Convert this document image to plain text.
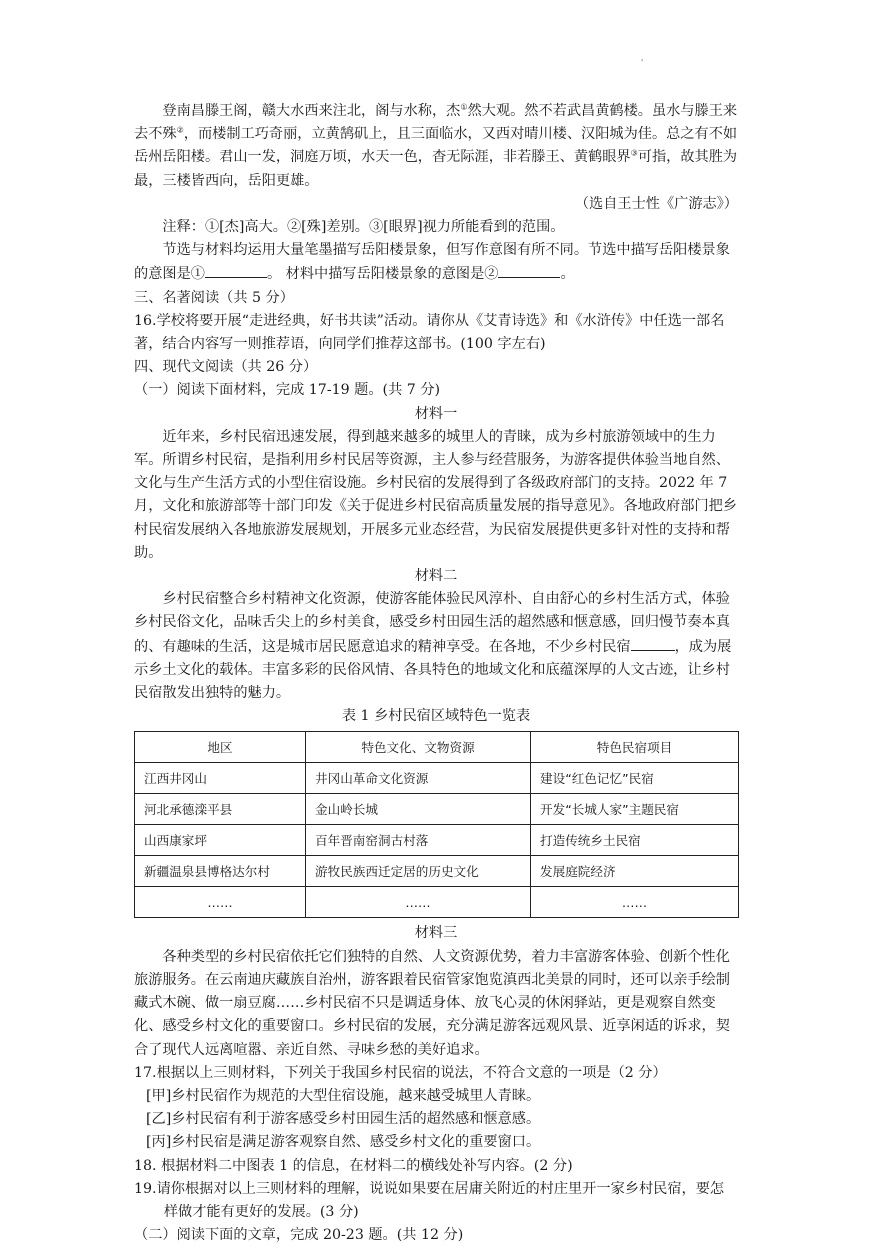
'

登南昌滕王阁，赣大水西来注北，阁与水称，杰①然大观。然不若武昌黄鹤楼。虽水与滕王来去不殊②，而楼制工巧奇丽，立黄鹄矶上，且三面临水，又西对晴川楼、汉阳城为佳。总之有不如岳州岳阳楼。君山一发，洞庭万顷，水天一色，杳无际涯，非若滕王、黄鹤眼界③可指，故其胜为最，三楼皆西向，岳阳更雄。

（选自王士性《广游志》）

注释：①[杰]高大。②[殊]差别。③[眼界]视力所能看到的范围。

节选与材料均运用大量笔墨描写岳阳楼景象，但写作意图有所不同。节选中描写岳阳楼景象的意图是①	。 材料中描写岳阳楼景象的意图是②	。

三、名著阅读（共 5 分）

16.学校将要开展“走进经典，好书共读”活动。请你从《艾青诗选》和《水浒传》中任选一部名著，结合内容写一则推荐语，向同学们推荐这部书。(100 字左右)

四、现代文阅读（共 26 分）

（一）阅读下面材料，完成 17-19 题。(共 7 分)

材料一

近年来，乡村民宿迅速发展，得到越来越多的城里人的青睐，成为乡村旅游领域中的生力军。所谓乡村民宿，是指利用乡村民居等资源，主人参与经营服务，为游客提供体验当地自然、文化与生产生活方式的小型住宿设施。乡村民宿的发展得到了各级政府部门的支持。2022 年 7 月，文化和旅游部等十部门印发《关于促进乡村民宿高质量发展的指导意见》。各地政府部门把乡村民宿发展纳入各地旅游发展规划，开展多元业态经营，为民宿发展提供更多针对性的支持和帮助。

材料二

乡村民宿整合乡村精神文化资源，使游客能体验民风淳朴、自由舒心的乡村生活方式，体验乡村民俗文化，品味舌尖上的乡村美食，感受乡村田园生活的超然感和惬意感，回归慢节奏本真的、有趣味的生活，这是城市居民愿意追求的精神享受。在各地，不少乡村民宿	，成为展示乡土文化的载体。丰富多彩的民俗风情、各具特色的地域文化和底蕴深厚的人文古迹，让乡村民宿散发出独特的魅力。

表 1 乡村民宿区域特色一览表

地区	特色文化、文物资源	特色民宿项目
江西井冈山	井冈山革命文化资源	建设“红色记忆”民宿
河北承德滦平县	金山岭长城	开发“长城人家”主题民宿
山西康家坪	百年晋南窑洞古村落	打造传统乡土民宿
新疆温泉县博格达尔村	游牧民族西迁定居的历史文化	发展庭院经济
……	……	……

材料三

各种类型的乡村民宿依托它们独特的自然、人文资源优势，着力丰富游客体验、创新个性化旅游服务。在云南迪庆藏族自治州，游客跟着民宿管家饱览滇西北美景的同时，还可以亲手绘制藏式木碗、做一扇豆腐……乡村民宿不只是调适身体、放飞心灵的休闲驿站，更是观察自然变化、感受乡村文化的重要窗口。乡村民宿的发展，充分满足游客远观风景、近享闲适的诉求，契合了现代人远离喧嚣、亲近自然、寻味乡愁的美好追求。

17.根据以上三则材料，下列关于我国乡村民宿的说法，不符合文意的一项是（2 分）

[甲]乡村民宿作为规范的大型住宿设施，越来越受城里人青睐。

[乙]乡村民宿有利于游客感受乡村田园生活的超然感和惬意感。

[丙]乡村民宿是满足游客观察自然、感受乡村文化的重要窗口。

18. 根据材料二中图表 1 的信息，在材料二的横线处补写内容。(2 分)

19.请你根据对以上三则材料的理解，说说如果要在居庸关附近的村庄里开一家乡村民宿，要怎样做才能有更好的发展。(3 分)

（二）阅读下面的文章，完成 20-23 题。(共 12 分)
